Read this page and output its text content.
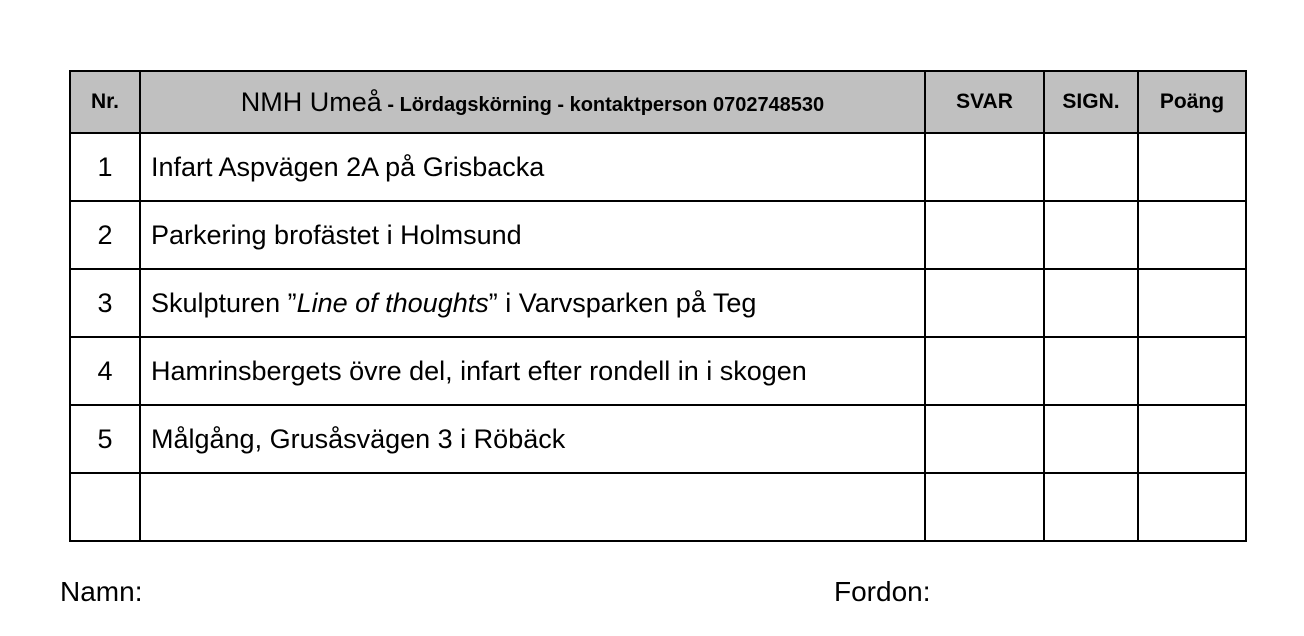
Nr.	NMH Umeå - Lördagskörning - kontaktperson 0702748530	SVAR	SIGN.	Poäng
1	Infart Aspvägen 2A på Grisbacka			
2	Parkering brofästet i Holmsund			
3	Skulpturen ”Line of thoughts” i Varvsparken på Teg			
4	Hamrinsbergets övre del, infart efter rondell in i skogen			
5	Målgång, Grusåsvägen 3 i Röbäck			

Namn:	Fordon:
